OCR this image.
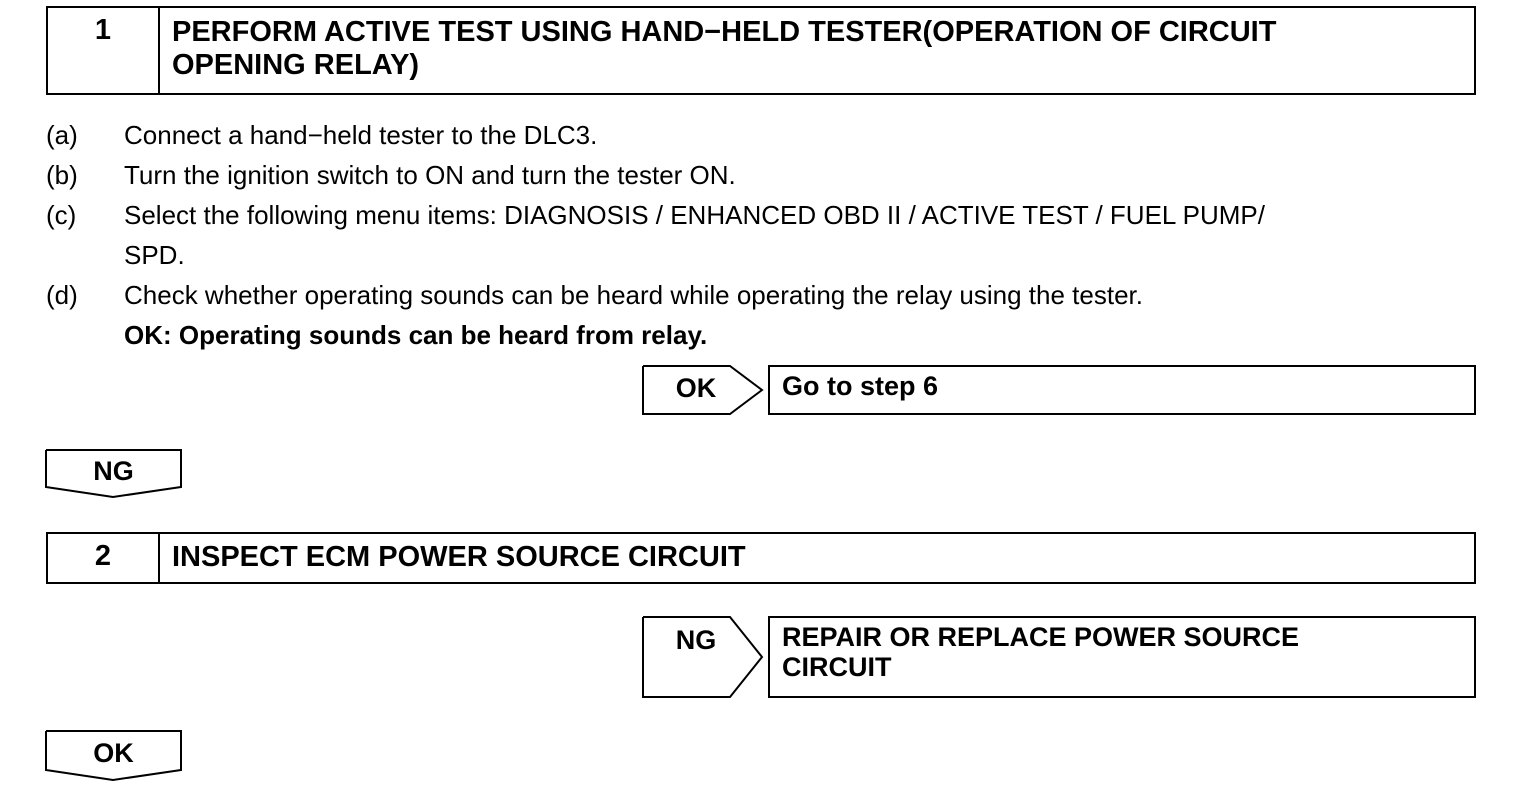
1	PERFORM ACTIVE TEST USING HAND−HELD TESTER(OPERATION OF CIRCUIT
OPENING RELAY)
(a) Connect a hand−held tester to the DLC3.
(b) Turn the ignition switch to ON and turn the tester ON.
(c) Select the following menu items: DIAGNOSIS / ENHANCED OBD II / ACTIVE TEST / FUEL PUMP/
SPD.
(d) Check whether operating sounds can be heard while operating the relay using the tester.
OK: Operating sounds can be heard from relay.
OK	Go to step 6
NG
2	INSPECT ECM POWER SOURCE CIRCUIT
NG	REPAIR OR REPLACE POWER SOURCE
CIRCUIT
OK
